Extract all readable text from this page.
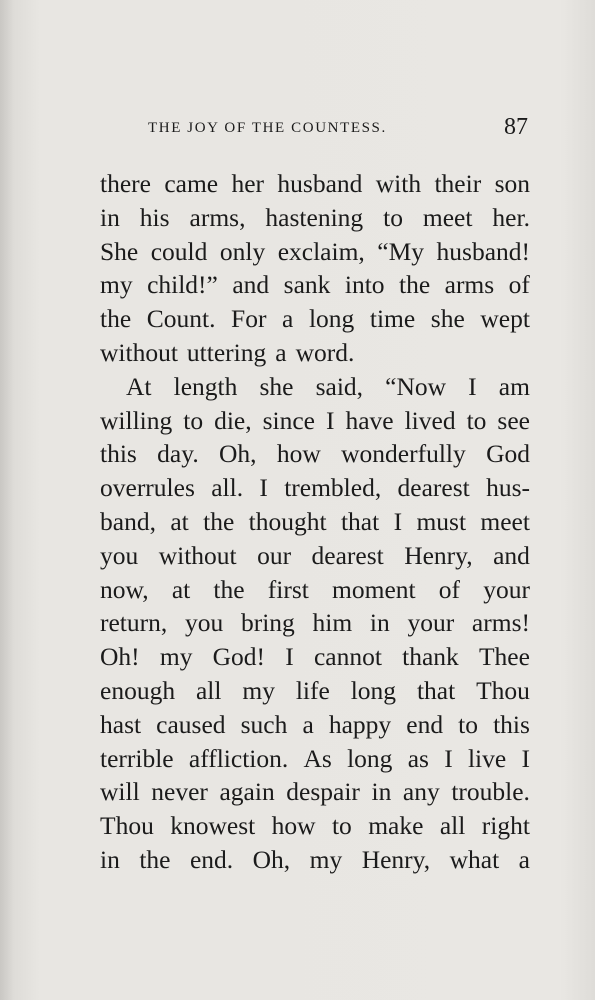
THE JOY OF THE COUNTESS.	87
there came her husband with their son
in his arms, hastening to meet her.
She could only exclaim, “My husband!
my child!” and sank into the arms of
the Count. For a long time she wept
without uttering a word.
At length she said, “Now I am
willing to die, since I have lived to see
this day. Oh, how wonderfully God
overrules all. I trembled, dearest hus-
band, at the thought that I must meet
you without our dearest Henry, and
now, at the first moment of your
return, you bring him in your arms!
Oh! my God! I cannot thank Thee
enough all my life long that Thou
hast caused such a happy end to this
terrible affliction. As long as I live I
will never again despair in any trouble.
Thou knowest how to make all right
in the end. Oh, my Henry, what a
